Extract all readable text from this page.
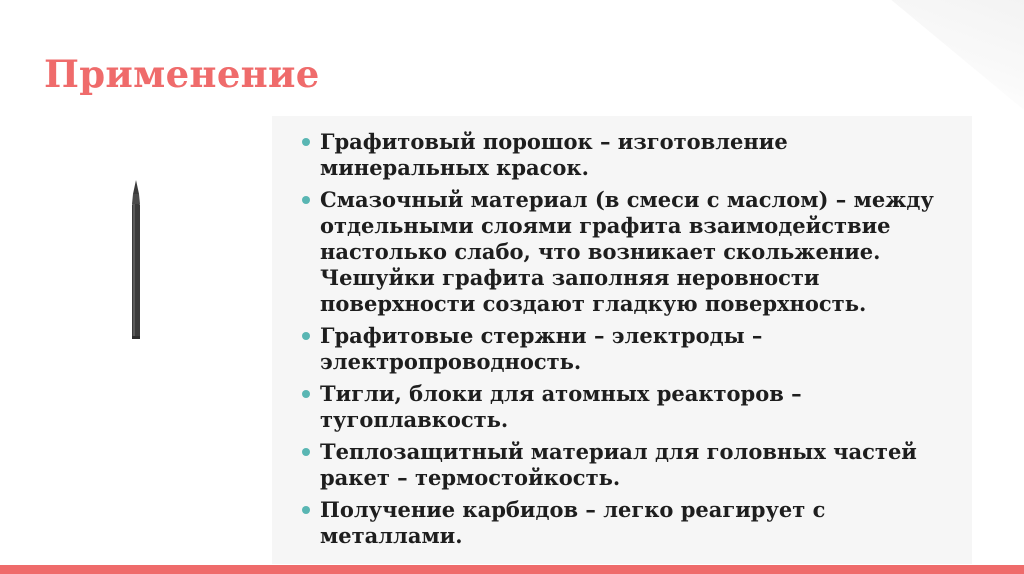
Применение
Графитовый порошок – изготовление минеральных красок.
Смазочный материал (в смеси с маслом) – между отдельными слоями графита взаимодействие настолько слабо, что возникает скольжение. Чешуйки графита заполняя неровности поверхности создают гладкую поверхность.
Графитовые стержни – электроды – электропроводность.
Тигли, блоки для атомных реакторов – тугоплавкость.
Теплозащитный материал для головных частей ракет – термостойкость.
Получение карбидов – легко реагирует с металлами.
